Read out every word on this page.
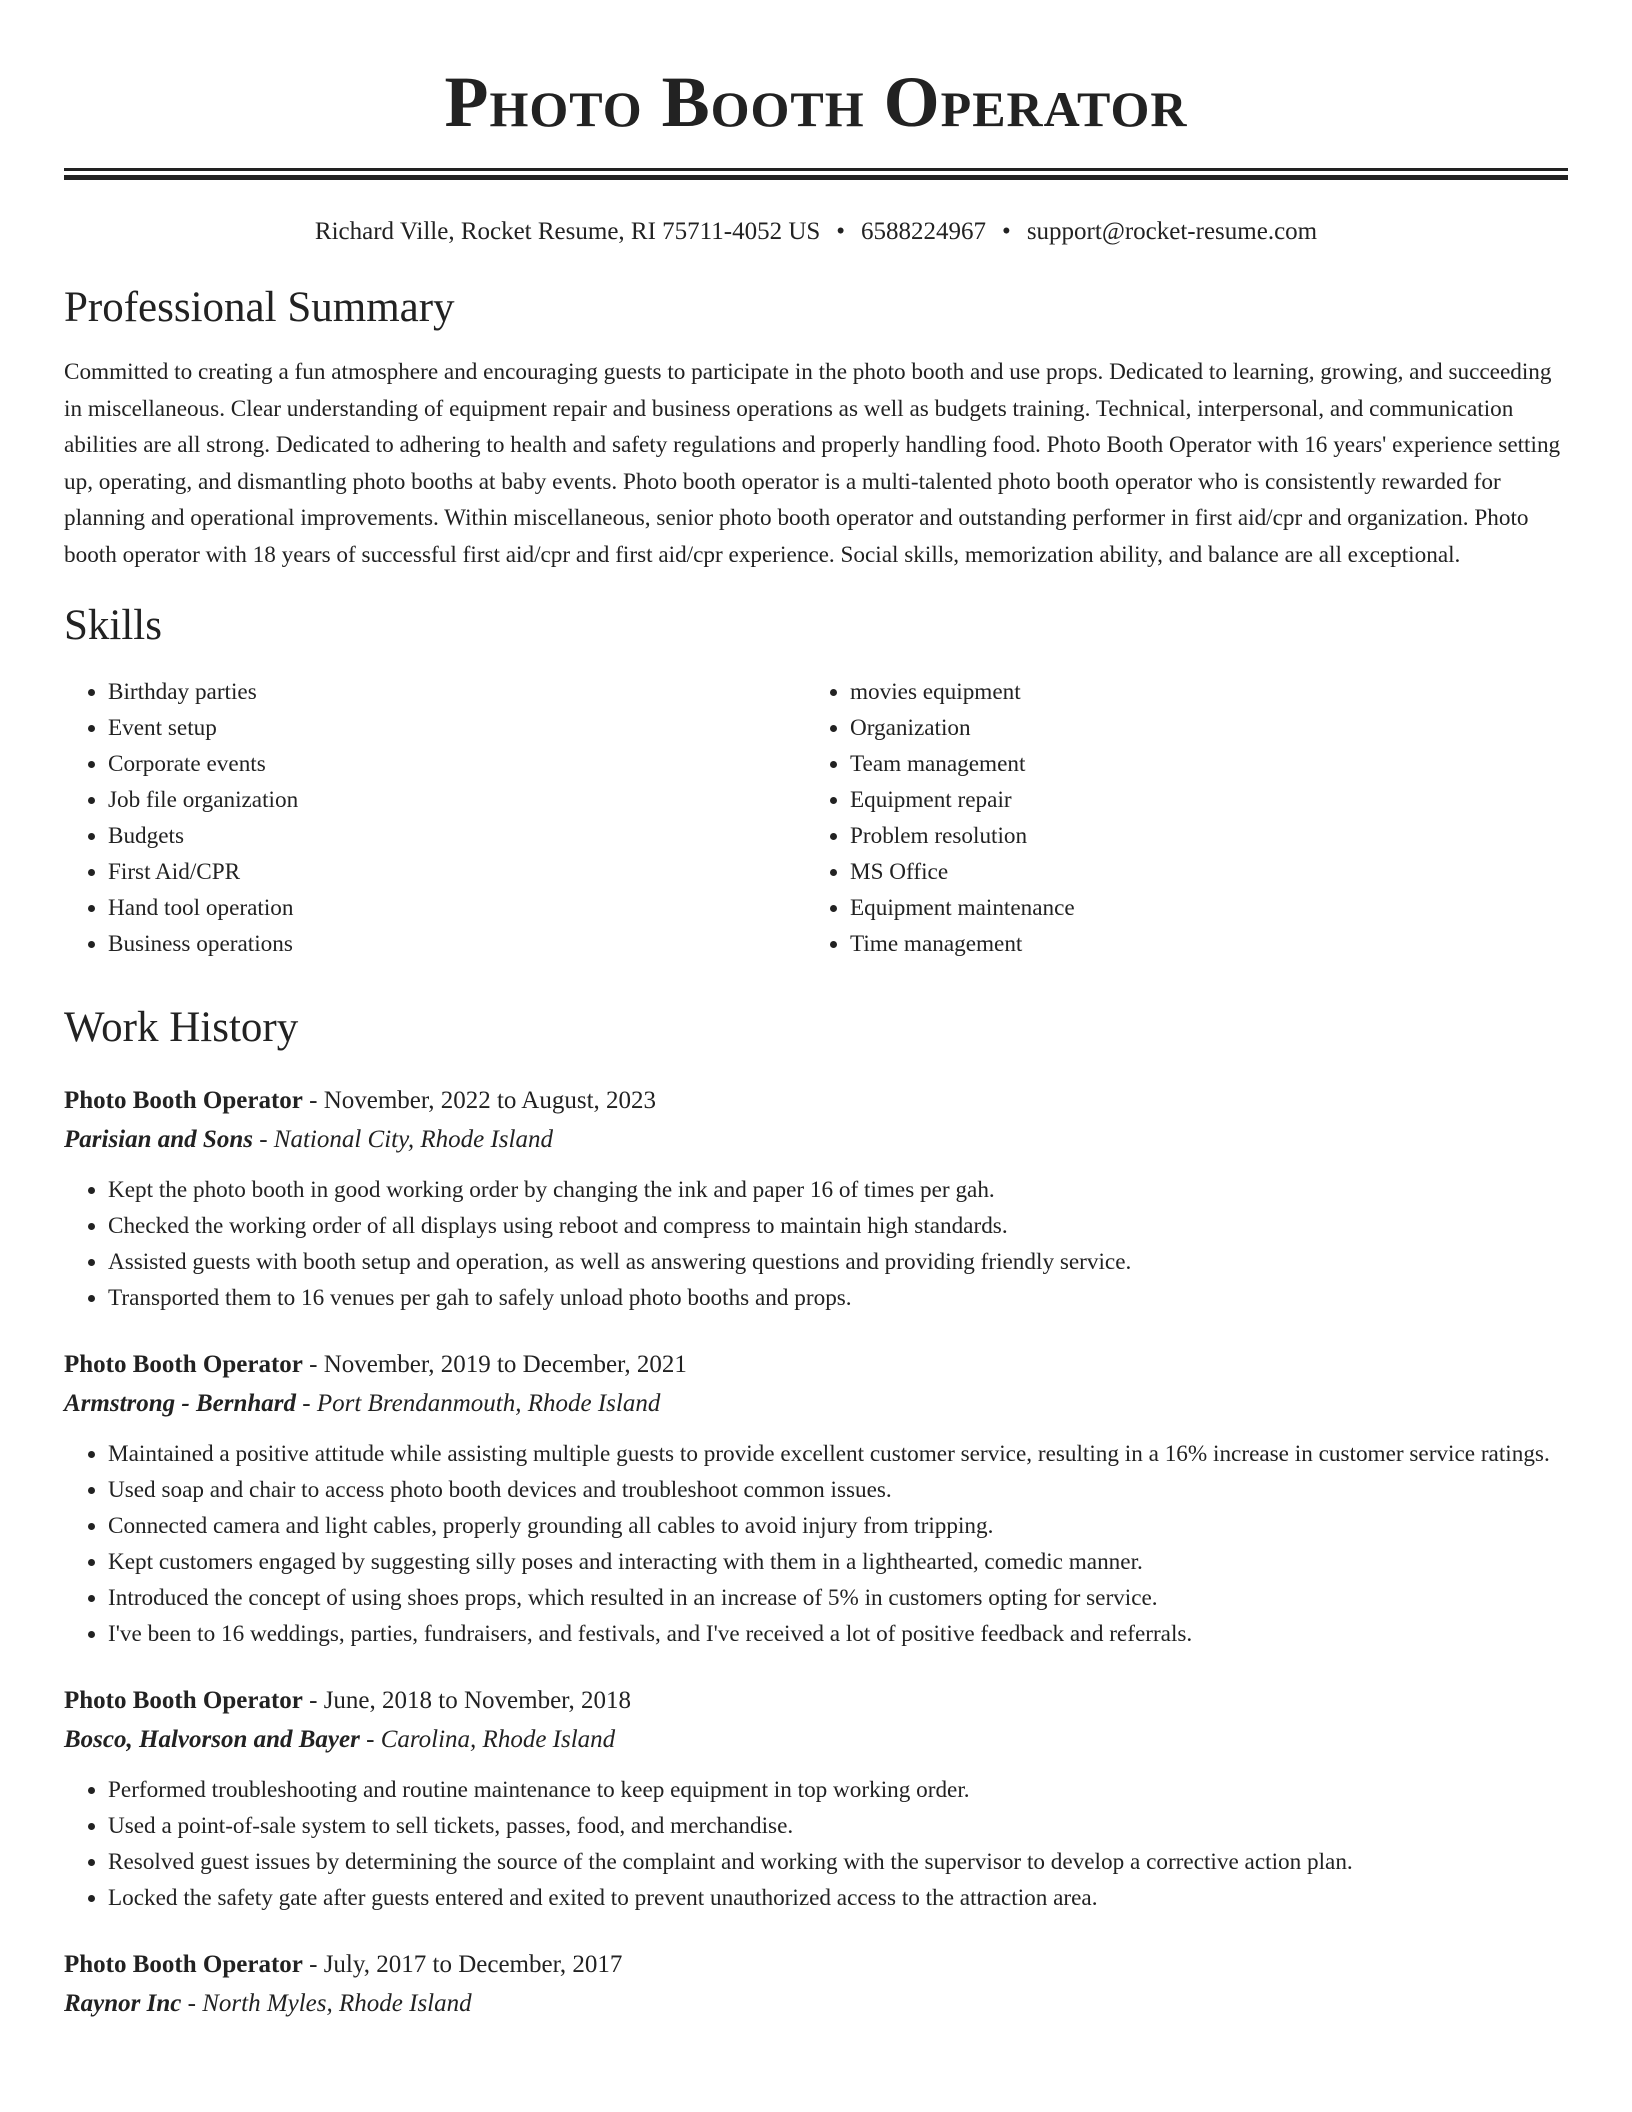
Photo Booth Operator
Richard Ville, Rocket Resume, RI 75711-4052 US • 6588224967 • support@rocket-resume.com
Professional Summary

Committed to creating a fun atmosphere and encouraging guests to participate in the photo booth and use props. Dedicated to learning, growing, and succeeding in miscellaneous. Clear understanding of equipment repair and business operations as well as budgets training. Technical, interpersonal, and communication abilities are all strong. Dedicated to adhering to health and safety regulations and properly handling food. Photo Booth Operator with 16 years' experience setting up, operating, and dismantling photo booths at baby events. Photo booth operator is a multi-talented photo booth operator who is consistently rewarded for planning and operational improvements. Within miscellaneous, senior photo booth operator and outstanding performer in first aid/cpr and organization. Photo booth operator with 18 years of successful first aid/cpr and first aid/cpr experience. Social skills, memorization ability, and balance are all exceptional.

Skills
• Birthday parties
• Event setup
• Corporate events
• Job file organization
• Budgets
• First Aid/CPR
• Hand tool operation
• Business operations
• movies equipment
• Organization
• Team management
• Equipment repair
• Problem resolution
• MS Office
• Equipment maintenance
• Time management
Work History
Photo Booth Operator - November, 2022 to August, 2023
Parisian and Sons - National City, Rhode Island
• Kept the photo booth in good working order by changing the ink and paper 16 of times per gah.
• Checked the working order of all displays using reboot and compress to maintain high standards.
• Assisted guests with booth setup and operation, as well as answering questions and providing friendly service.
• Transported them to 16 venues per gah to safely unload photo booths and props.
Photo Booth Operator - November, 2019 to December, 2021
Armstrong - Bernhard - Port Brendanmouth, Rhode Island
• Maintained a positive attitude while assisting multiple guests to provide excellent customer service, resulting in a 16% increase in customer service ratings.
• Used soap and chair to access photo booth devices and troubleshoot common issues.
• Connected camera and light cables, properly grounding all cables to avoid injury from tripping.
• Kept customers engaged by suggesting silly poses and interacting with them in a lighthearted, comedic manner.
• Introduced the concept of using shoes props, which resulted in an increase of 5% in customers opting for service.
• I've been to 16 weddings, parties, fundraisers, and festivals, and I've received a lot of positive feedback and referrals.
Photo Booth Operator - June, 2018 to November, 2018
Bosco, Halvorson and Bayer - Carolina, Rhode Island
• Performed troubleshooting and routine maintenance to keep equipment in top working order.
• Used a point-of-sale system to sell tickets, passes, food, and merchandise.
• Resolved guest issues by determining the source of the complaint and working with the supervisor to develop a corrective action plan.
• Locked the safety gate after guests entered and exited to prevent unauthorized access to the attraction area.
Photo Booth Operator - July, 2017 to December, 2017
Raynor Inc - North Myles, Rhode Island
